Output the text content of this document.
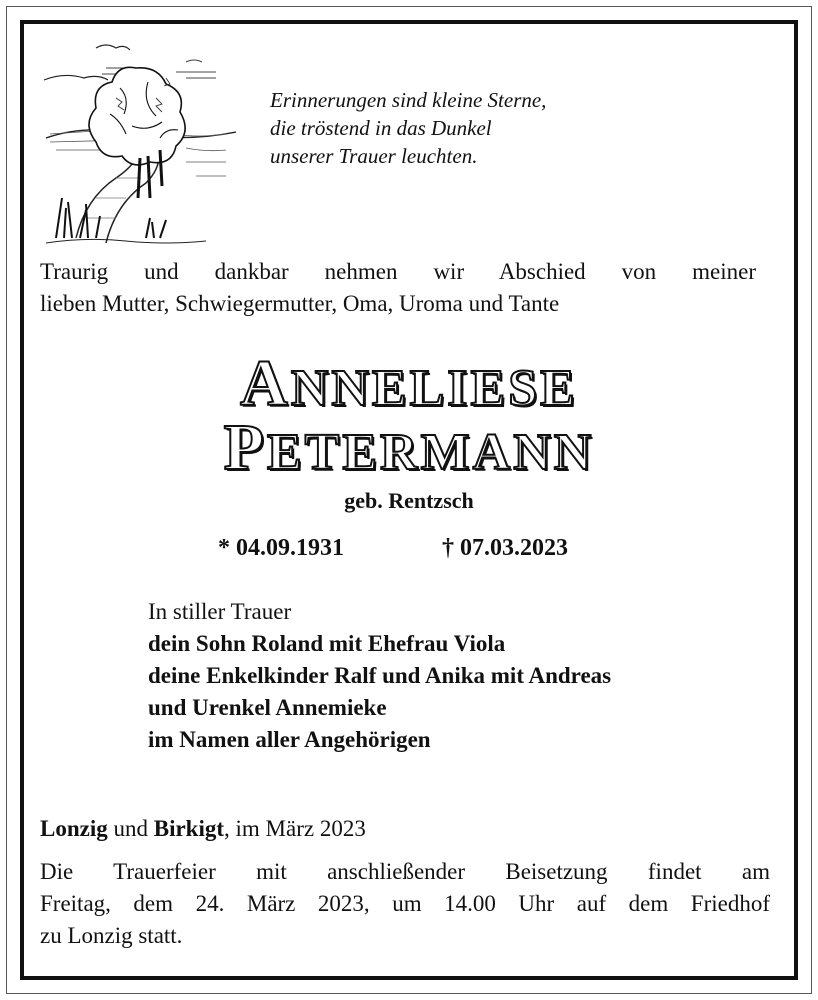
Erinnerungen sind kleine Sterne,
die tröstend in das Dunkel
unserer Trauer leuchten.
Traurig und dankbar nehmen wir Abschied von meiner
lieben Mutter, Schwiegermutter, Oma, Uroma und Tante
ANNELIESE
PETERMANN
geb. Rentzsch
* 04.09.1931	† 07.03.2023
In stiller Trauer
dein Sohn Roland mit Ehefrau Viola
deine Enkelkinder Ralf und Anika mit Andreas
und Urenkel Annemieke
im Namen aller Angehörigen
Lonzig und Birkigt, im März 2023
Die Trauerfeier mit anschließender Beisetzung findet am
Freitag, dem 24. März 2023, um 14.00 Uhr auf dem Friedhof
zu Lonzig statt.
